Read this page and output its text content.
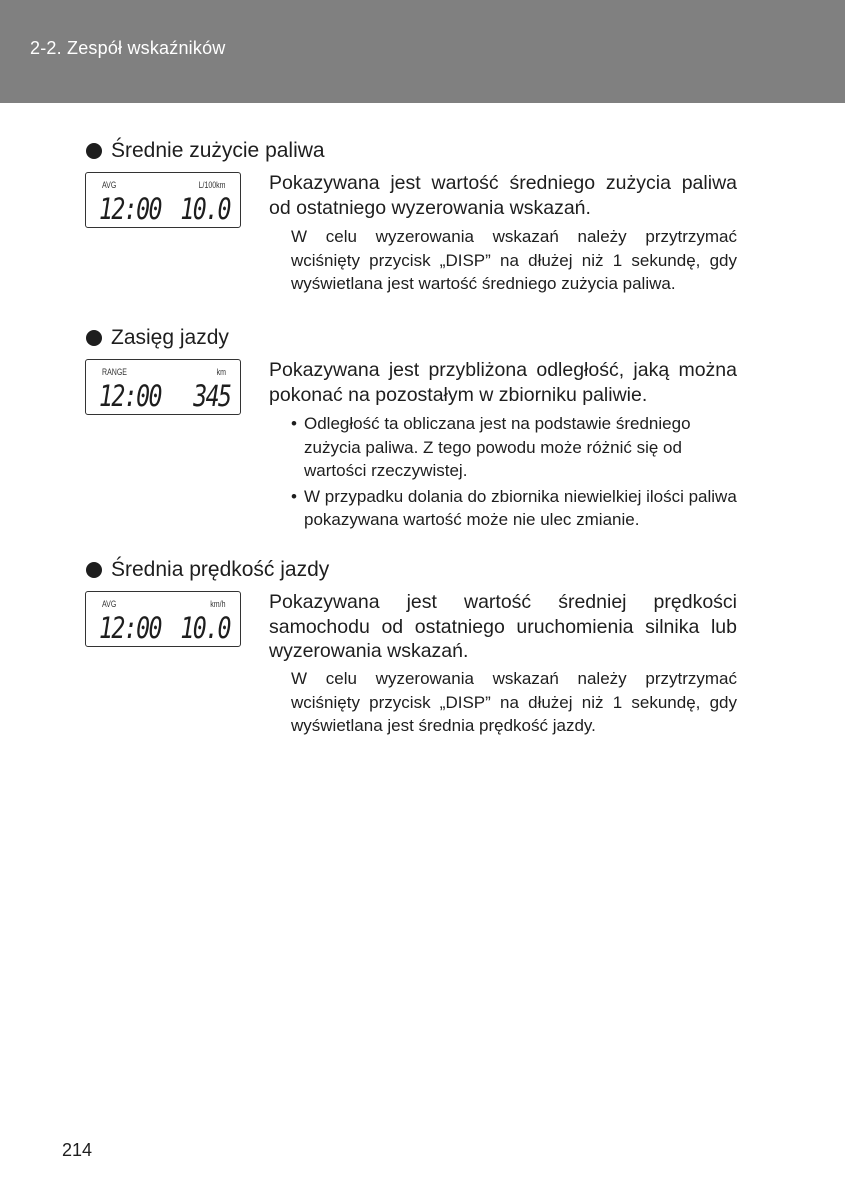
2-2. Zespół wskaźników
Średnie zużycie paliwa
AVG	L/100km
12:00 10.0
Pokazywana jest wartość średniego zużycia paliwa od ostatniego wyzerowania wskazań.
W celu wyzerowania wskazań należy przytrzymać wciśnięty przycisk „DISP” na dłużej niż 1 sekundę, gdy wyświetlana jest wartość średniego zużycia paliwa.
Zasięg jazdy
RANGE	km
12:00 345
Pokazywana jest przybliżona odległość, jaką można pokonać na pozostałym w zbiorniku paliwie.
• Odległość ta obliczana jest na podstawie średniego zużycia paliwa. Z tego powodu może różnić się od wartości rzeczywistej.
• W przypadku dolania do zbiornika niewielkiej ilości paliwa pokazywana wartość może nie ulec zmianie.
Średnia prędkość jazdy
AVG	km/h
12:00 10.0
Pokazywana jest wartość średniej prędkości samochodu od ostatniego uruchomienia silnika lub wyzerowania wskazań.
W celu wyzerowania wskazań należy przytrzymać wciśnięty przycisk „DISP” na dłużej niż 1 sekundę, gdy wyświetlana jest średnia prędkość jazdy.
214
